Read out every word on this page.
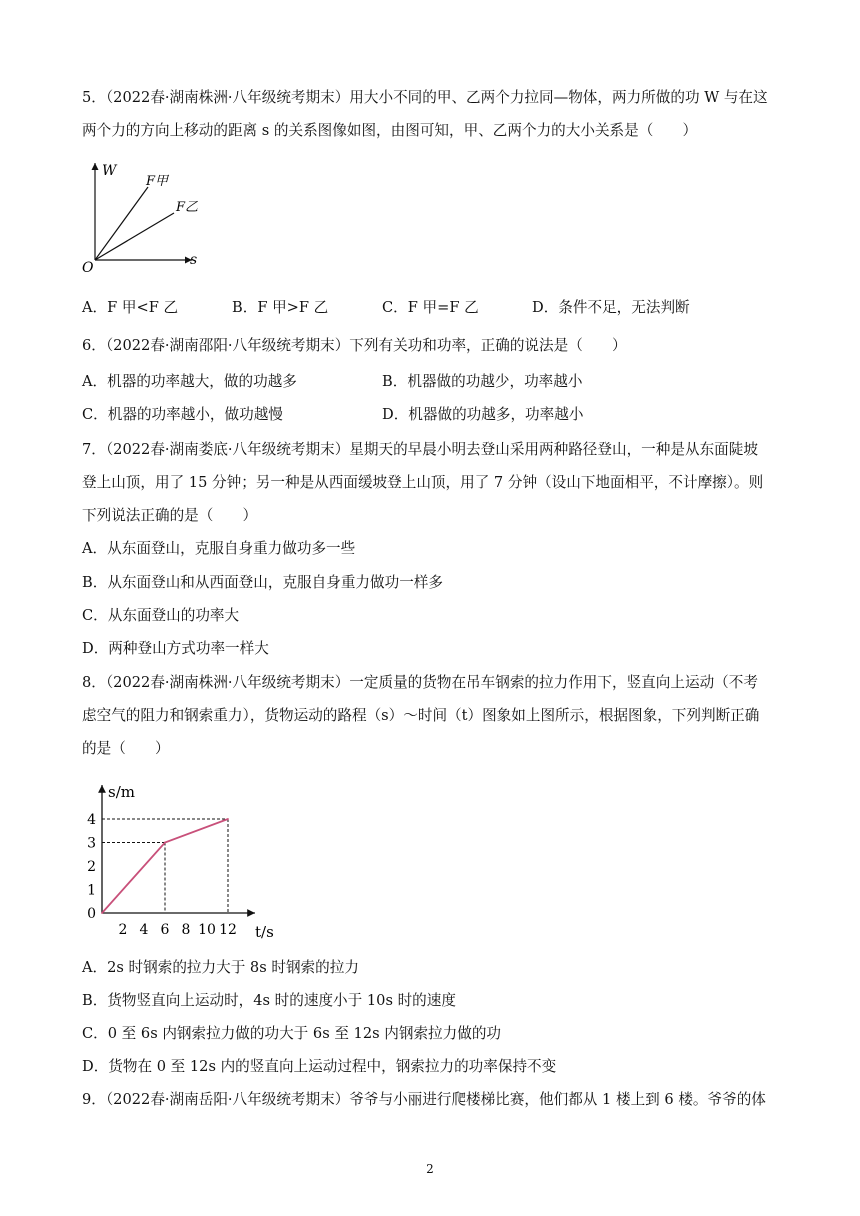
5．（2022春·湖南株洲·八年级统考期末）用大小不同的甲、乙两个力拉同—物体，两力所做的功 W 与在这
两个力的方向上移动的距离 s 的关系图像如图，由图可知，甲、乙两个力的大小关系是（　　）
W
s
O
F甲
F乙
A．F 甲<F 乙	B．F 甲>F 乙	C．F 甲=F 乙	D．条件不足，无法判断
6．（2022春·湖南邵阳·八年级统考期末）下列有关功和功率，正确的说法是（　　）
A．机器的功率越大，做的功越多	B．机器做的功越少，功率越小
C．机器的功率越小，做功越慢	D．机器做的功越多，功率越小
7．（2022春·湖南娄底·八年级统考期末）星期天的早晨小明去登山采用两种路径登山，一种是从东面陡坡
登上山顶，用了 15 分钟；另一种是从西面缓坡登上山顶，用了 7 分钟（设山下地面相平，不计摩擦）。则
下列说法正确的是（　　）
A．从东面登山，克服自身重力做功多一些
B．从东面登山和从西面登山，克服自身重力做功一样多
C．从东面登山的功率大
D．两种登山方式功率一样大
8．（2022春·湖南株洲·八年级统考期末）一定质量的货物在吊车钢索的拉力作用下，竖直向上运动（不考
虑空气的阻力和钢索重力），货物运动的路程（s）～时间（t）图象如上图所示，根据图象，下列判断正确
的是（　　）
s/m
t/s
0
1
2
3
4
2 4 6 8 10 12
A．2s 时钢索的拉力大于 8s 时钢索的拉力
B．货物竖直向上运动时，4s 时的速度小于 10s 时的速度
C．0 至 6s 内钢索拉力做的功大于 6s 至 12s 内钢索拉力做的功
D．货物在 0 至 12s 内的竖直向上运动过程中，钢索拉力的功率保持不变
9．（2022春·湖南岳阳·八年级统考期末）爷爷与小丽进行爬楼梯比赛，他们都从 1 楼上到 6 楼。爷爷的体
2
